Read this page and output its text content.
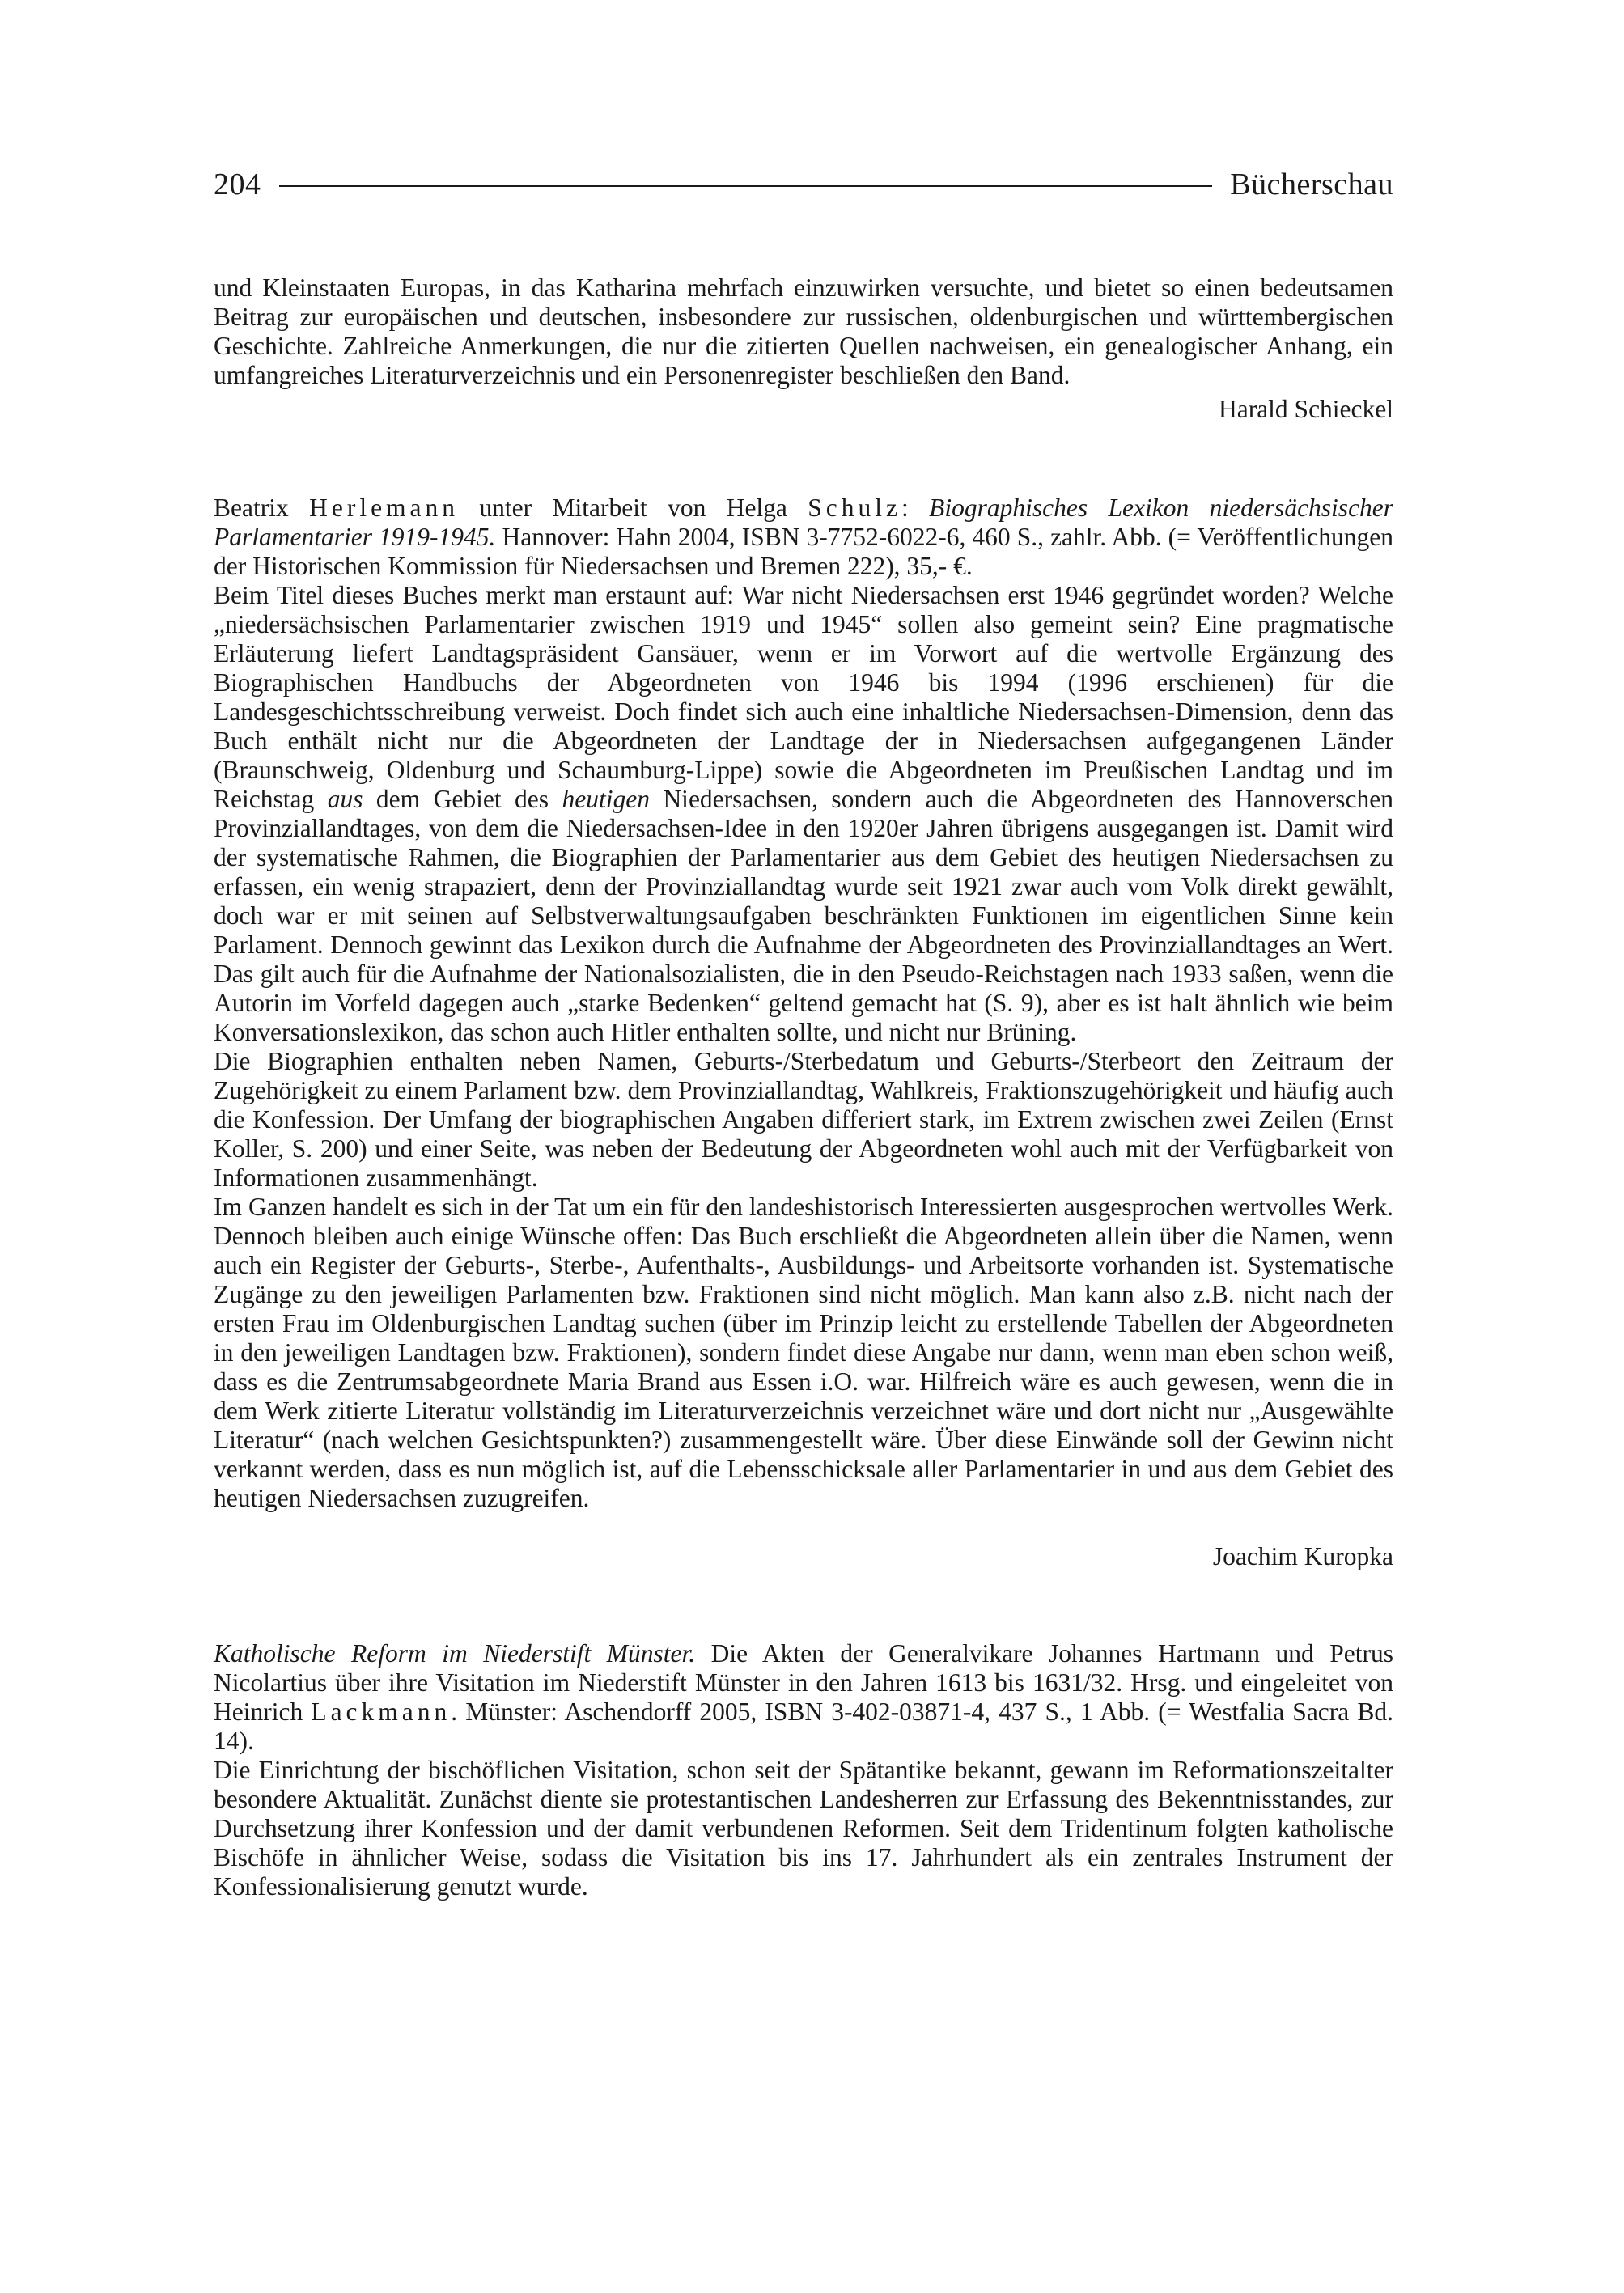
204	Bücherschau

und Kleinstaaten Europas, in das Katharina mehrfach einzuwirken versuchte, und bietet so einen bedeutsamen Beitrag zur europäischen und deutschen, insbesondere zur russischen, oldenburgischen und württembergischen Geschichte. Zahlreiche Anmerkungen, die nur die zitierten Quellen nachweisen, ein genealogischer Anhang, ein umfangreiches Literaturverzeichnis und ein Personenregister beschließen den Band.

Harald Schieckel

Beatrix Herlemann unter Mitarbeit von Helga Schulz: Biographisches Lexikon niedersächsischer Parlamentarier 1919-1945. Hannover: Hahn 2004, ISBN 3-7752-6022-6, 460 S., zahlr. Abb. (= Veröffentlichungen der Historischen Kommission für Niedersachsen und Bremen 222), 35,- €.

Beim Titel dieses Buches merkt man erstaunt auf: War nicht Niedersachsen erst 1946 gegründet worden? Welche „niedersächsischen Parlamentarier zwischen 1919 und 1945“ sollen also gemeint sein? Eine pragmatische Erläuterung liefert Landtagspräsident Gansäuer, wenn er im Vorwort auf die wertvolle Ergänzung des Biographischen Handbuchs der Abgeordneten von 1946 bis 1994 (1996 erschienen) für die Landesgeschichtsschreibung verweist. Doch findet sich auch eine inhaltliche Niedersachsen-Dimension, denn das Buch enthält nicht nur die Abgeordneten der Landtage der in Niedersachsen aufgegangenen Länder (Braunschweig, Oldenburg und Schaumburg-Lippe) sowie die Abgeordneten im Preußischen Landtag und im Reichstag aus dem Gebiet des heutigen Niedersachsen, sondern auch die Abgeordneten des Hannoverschen Provinziallandtages, von dem die Niedersachsen-Idee in den 1920er Jahren übrigens ausgegangen ist. Damit wird der systematische Rahmen, die Biographien der Parlamentarier aus dem Gebiet des heutigen Niedersachsen zu erfassen, ein wenig strapaziert, denn der Provinziallandtag wurde seit 1921 zwar auch vom Volk direkt gewählt, doch war er mit seinen auf Selbstverwaltungsaufgaben beschränkten Funktionen im eigentlichen Sinne kein Parlament. Dennoch gewinnt das Lexikon durch die Aufnahme der Abgeordneten des Provinziallandtages an Wert. Das gilt auch für die Aufnahme der Nationalsozialisten, die in den Pseudo-Reichstagen nach 1933 saßen, wenn die Autorin im Vorfeld dagegen auch „starke Bedenken“ geltend gemacht hat (S. 9), aber es ist halt ähnlich wie beim Konversationslexikon, das schon auch Hitler enthalten sollte, und nicht nur Brüning.

Die Biographien enthalten neben Namen, Geburts-/Sterbedatum und Geburts-/Sterbeort den Zeitraum der Zugehörigkeit zu einem Parlament bzw. dem Provinziallandtag, Wahlkreis, Fraktionszugehörigkeit und häufig auch die Konfession. Der Umfang der biographischen Angaben differiert stark, im Extrem zwischen zwei Zeilen (Ernst Koller, S. 200) und einer Seite, was neben der Bedeutung der Abgeordneten wohl auch mit der Verfügbarkeit von Informationen zusammenhängt.

Im Ganzen handelt es sich in der Tat um ein für den landeshistorisch Interessierten ausgesprochen wertvolles Werk. Dennoch bleiben auch einige Wünsche offen: Das Buch erschließt die Abgeordneten allein über die Namen, wenn auch ein Register der Geburts-, Sterbe-, Aufenthalts-, Ausbildungs- und Arbeitsorte vorhanden ist. Systematische Zugänge zu den jeweiligen Parlamenten bzw. Fraktionen sind nicht möglich. Man kann also z.B. nicht nach der ersten Frau im Oldenburgischen Landtag suchen (über im Prinzip leicht zu erstellende Tabellen der Abgeordneten in den jeweiligen Landtagen bzw. Fraktionen), sondern findet diese Angabe nur dann, wenn man eben schon weiß, dass es die Zentrumsabgeordnete Maria Brand aus Essen i.O. war. Hilfreich wäre es auch gewesen, wenn die in dem Werk zitierte Literatur vollständig im Literaturverzeichnis verzeichnet wäre und dort nicht nur „Ausgewählte Literatur“ (nach welchen Gesichtspunkten?) zusammengestellt wäre. Über diese Einwände soll der Gewinn nicht verkannt werden, dass es nun möglich ist, auf die Lebensschicksale aller Parlamentarier in und aus dem Gebiet des heutigen Niedersachsen zuzugreifen.

Joachim Kuropka

Katholische Reform im Niederstift Münster. Die Akten der Generalvikare Johannes Hartmann und Petrus Nicolartius über ihre Visitation im Niederstift Münster in den Jahren 1613 bis 1631/32. Hrsg. und eingeleitet von Heinrich Lackmann. Münster: Aschendorff 2005, ISBN 3-402-03871-4, 437 S., 1 Abb. (= Westfalia Sacra Bd. 14).

Die Einrichtung der bischöflichen Visitation, schon seit der Spätantike bekannt, gewann im Reformationszeitalter besondere Aktualität. Zunächst diente sie protestantischen Landesherren zur Erfassung des Bekenntnisstandes, zur Durchsetzung ihrer Konfession und der damit verbundenen Reformen. Seit dem Tridentinum folgten katholische Bischöfe in ähnlicher Weise, sodass die Visitation bis ins 17. Jahrhundert als ein zentrales Instrument der Konfessionalisierung genutzt wurde.
